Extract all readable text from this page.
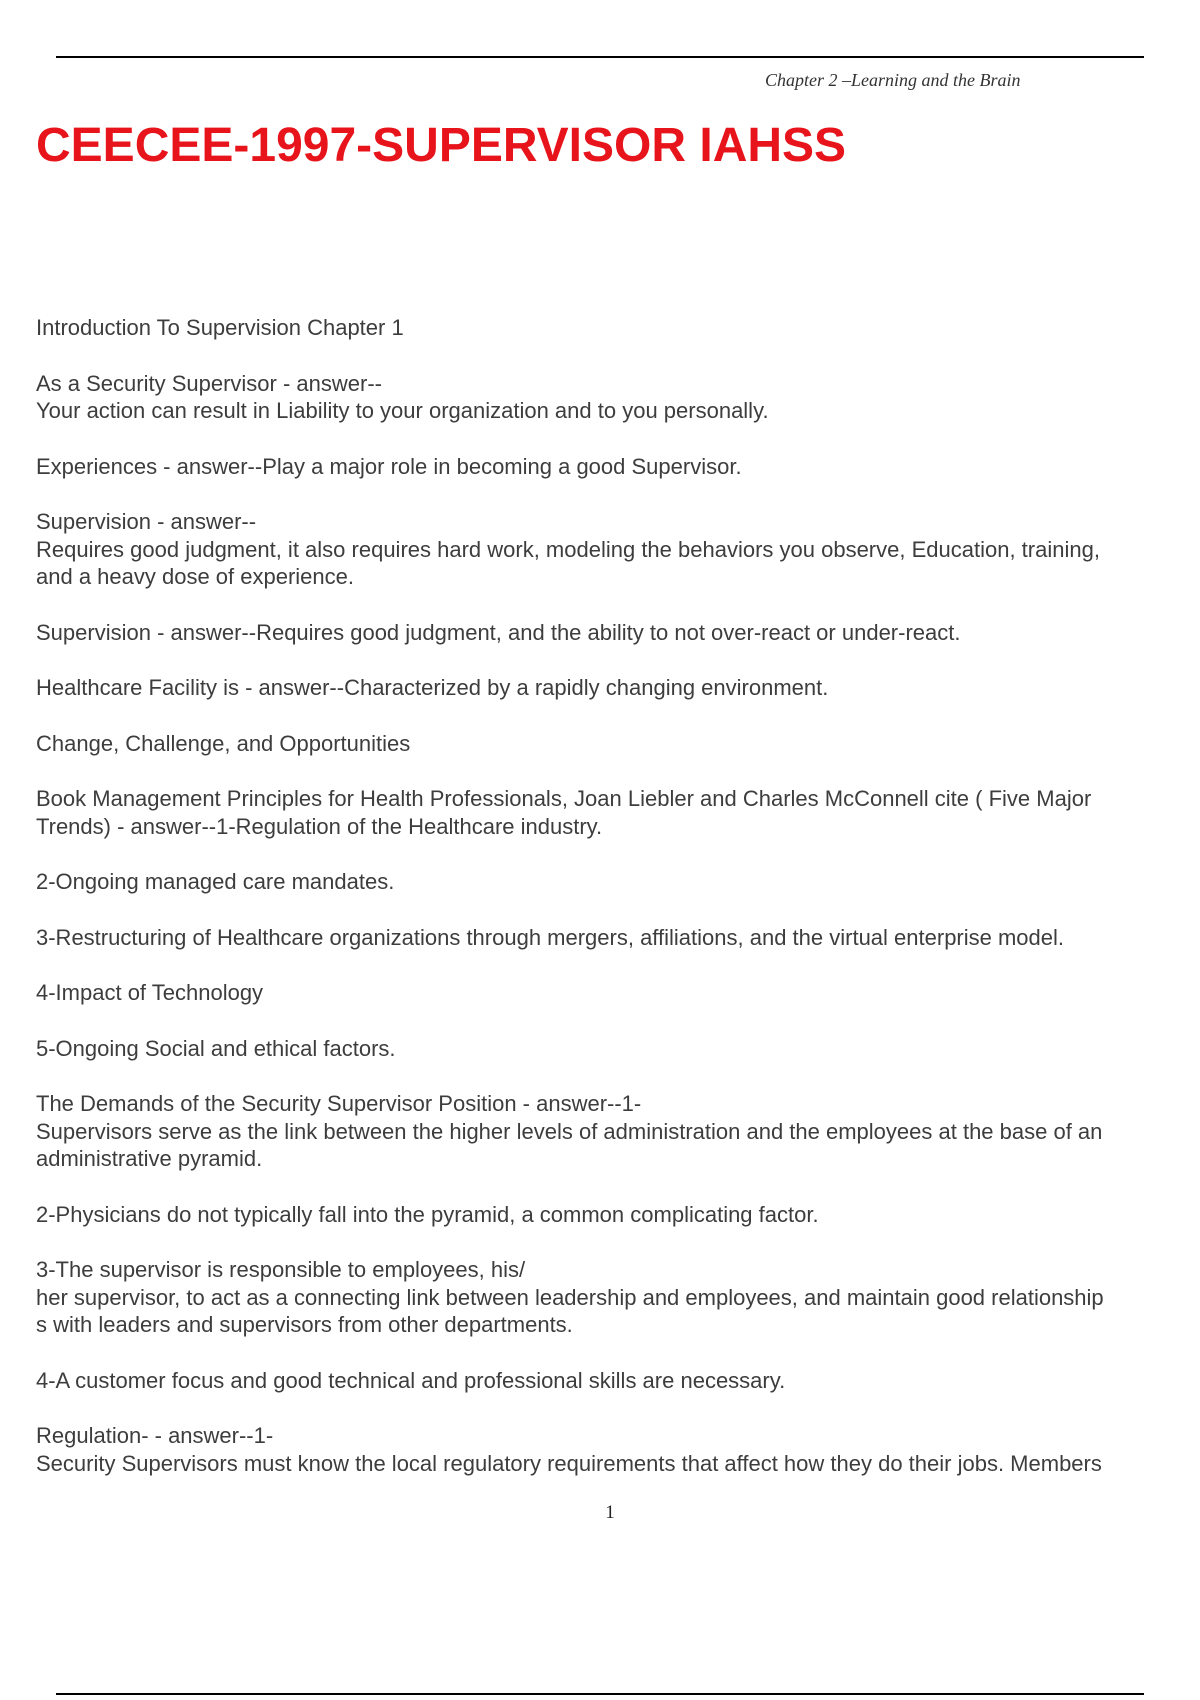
Chapter 2 –Learning and the Brain
CEECEE-1997-SUPERVISOR IAHSS

Introduction To Supervision Chapter 1

As a Security Supervisor - answer--
Your action can result in Liability to your organization and to you personally.

Experiences - answer--Play a major role in becoming a good Supervisor.

Supervision - answer--
Requires good judgment, it also requires hard work, modeling the behaviors you observe, Education, training,
and a heavy dose of experience.

Supervision - answer--Requires good judgment, and the ability to not over-react or under-react.

Healthcare Facility is - answer--Characterized by a rapidly changing environment.

Change, Challenge, and Opportunities

Book Management Principles for Health Professionals, Joan Liebler and Charles McConnell cite ( Five Major
Trends) - answer--1-Regulation of the Healthcare industry.

2-Ongoing managed care mandates.

3-Restructuring of Healthcare organizations through mergers, affiliations, and the virtual enterprise model.

4-Impact of Technology

5-Ongoing Social and ethical factors.

The Demands of the Security Supervisor Position - answer--1-
Supervisors serve as the link between the higher levels of administration and the employees at the base of an
administrative pyramid.

2-Physicians do not typically fall into the pyramid, a common complicating factor.

3-The supervisor is responsible to employees, his/
her supervisor, to act as a connecting link between leadership and employees, and maintain good relationship
s with leaders and supervisors from other departments.

4-A customer focus and good technical and professional skills are necessary.

Regulation- - answer--1-
Security Supervisors must know the local regulatory requirements that affect how they do their jobs. Members

1
